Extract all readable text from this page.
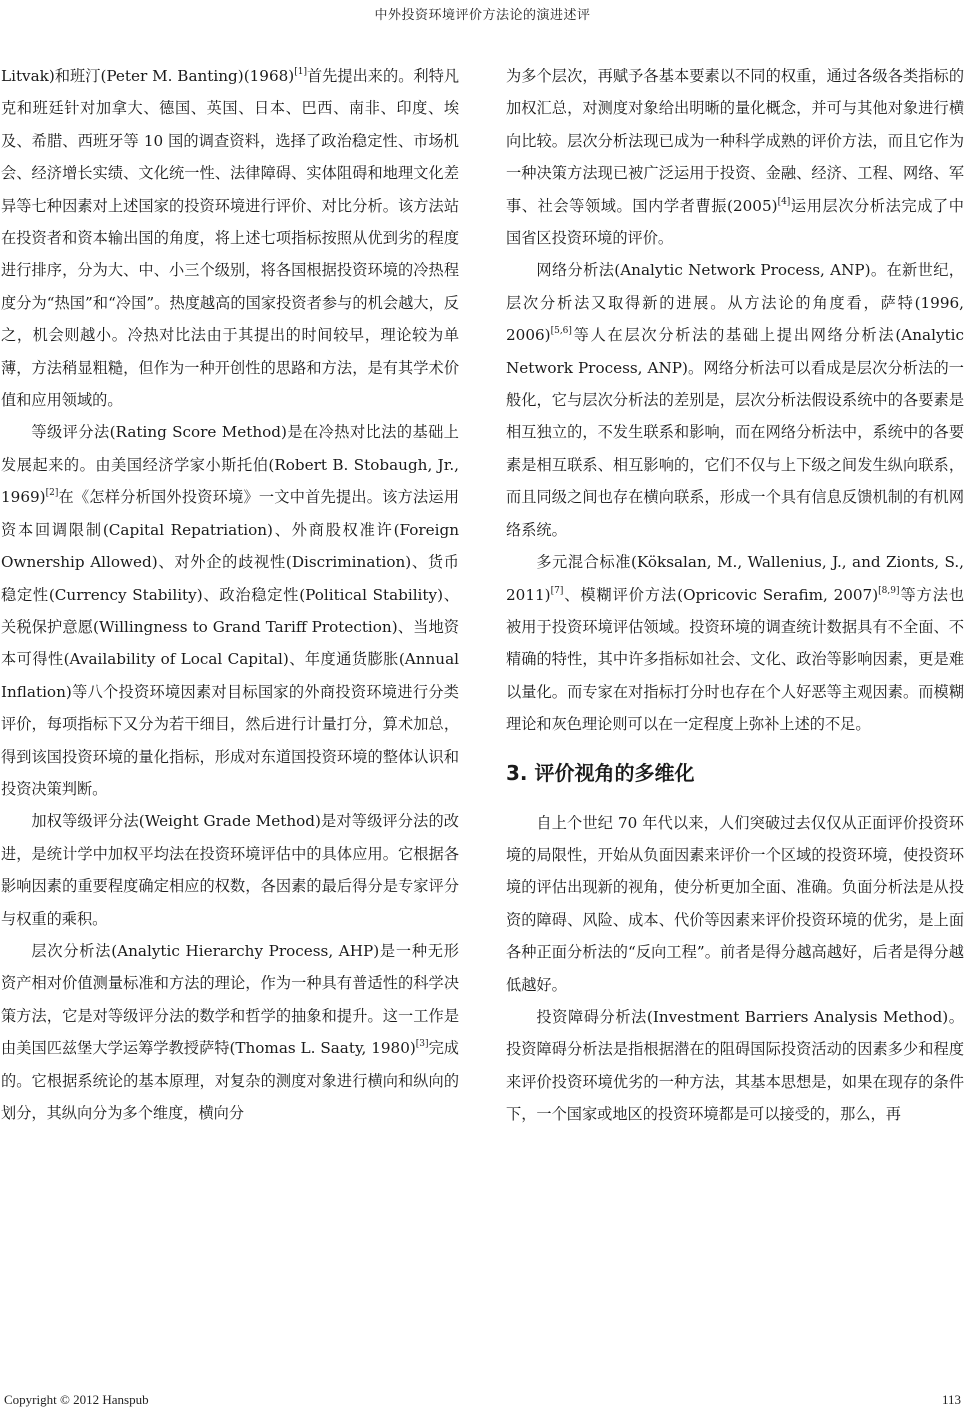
中外投资环境评价方法论的演进述评

Litvak)和班汀(Peter M. Banting)(1968)[1]首先提出来的。利特凡克和班廷针对加拿大、德国、英国、日本、巴西、南非、印度、埃及、希腊、西班牙等 10 国的调查资料，选择了政治稳定性、市场机会、经济增长实绩、文化统一性、法律障碍、实体阻碍和地理文化差异等七种因素对上述国家的投资环境进行评价、对比分析。该方法站在投资者和资本输出国的角度，将上述七项指标按照从优到劣的程度进行排序，分为大、中、小三个级别，将各国根据投资环境的冷热程度分为“热国”和“冷国”。热度越高的国家投资者参与的机会越大，反之，机会则越小。冷热对比法由于其提出的时间较早，理论较为单薄，方法稍显粗糙，但作为一种开创性的思路和方法，是有其学术价值和应用领域的。

等级评分法(Rating Score Method)是在冷热对比法的基础上发展起来的。由美国经济学家小斯托伯(Robert B. Stobaugh, Jr., 1969)[2]在《怎样分析国外投资环境》一文中首先提出。该方法运用资本回调限制(Capital Repatriation)、外商股权准许(Foreign Ownership Allowed)、对外企的歧视性(Discrimination)、货币稳定性(Currency Stability)、政治稳定性(Political Stability)、关税保护意愿(Willingness to Grand Tariff Protection)、当地资本可得性(Availability of Local Capital)、年度通货膨胀(Annual Inflation)等八个投资环境因素对目标国家的外商投资环境进行分类评价，每项指标下又分为若干细目，然后进行计量打分，算术加总，得到该国投资环境的量化指标，形成对东道国投资环境的整体认识和投资决策判断。

加权等级评分法(Weight Grade Method)是对等级评分法的改进，是统计学中加权平均法在投资环境评估中的具体应用。它根据各影响因素的重要程度确定相应的权数，各因素的最后得分是专家评分与权重的乘积。

层次分析法(Analytic Hierarchy Process, AHP)是一种无形资产相对价值测量标准和方法的理论，作为一种具有普适性的科学决策方法，它是对等级评分法的数学和哲学的抽象和提升。这一工作是由美国匹兹堡大学运筹学教授萨特(Thomas L. Saaty, 1980)[3]完成的。它根据系统论的基本原理，对复杂的测度对象进行横向和纵向的划分，其纵向分为多个维度，横向分

为多个层次，再赋予各基本要素以不同的权重，通过各级各类指标的加权汇总，对测度对象给出明晰的量化概念，并可与其他对象进行横向比较。层次分析法现已成为一种科学成熟的评价方法，而且它作为一种决策方法现已被广泛运用于投资、金融、经济、工程、网络、军事、社会等领域。国内学者曹振(2005)[4]运用层次分析法完成了中国省区投资环境的评价。

网络分析法(Analytic Network Process, ANP)。在新世纪，层次分析法又取得新的进展。从方法论的角度看，萨特(1996, 2006)[5,6]等人在层次分析法的基础上提出网络分析法(Analytic Network Process, ANP)。网络分析法可以看成是层次分析法的一般化，它与层次分析法的差别是，层次分析法假设系统中的各要素是相互独立的，不发生联系和影响，而在网络分析法中，系统中的各要素是相互联系、相互影响的，它们不仅与上下级之间发生纵向联系，而且同级之间也存在横向联系，形成一个具有信息反馈机制的有机网络系统。

多元混合标准(Köksalan, M., Wallenius, J., and Zionts, S., 2011)[7]、模糊评价方法(Opricovic Serafim, 2007)[8,9]等方法也被用于投资环境评估领域。投资环境的调查统计数据具有不全面、不精确的特性，其中许多指标如社会、文化、政治等影响因素，更是难以量化。而专家在对指标打分时也存在个人好恶等主观因素。而模糊理论和灰色理论则可以在一定程度上弥补上述的不足。

3. 评价视角的多维化

自上个世纪 70 年代以来，人们突破过去仅仅从正面评价投资环境的局限性，开始从负面因素来评价一个区域的投资环境，使投资环境的评估出现新的视角，使分析更加全面、准确。负面分析法是从投资的障碍、风险、成本、代价等因素来评价投资环境的优劣，是上面各种正面分析法的“反向工程”。前者是得分越高越好，后者是得分越低越好。

投资障碍分析法(Investment Barriers Analysis Method)。投资障碍分析法是指根据潜在的阻碍国际投资活动的因素多少和程度来评价投资环境优劣的一种方法，其基本思想是，如果在现存的条件下，一个国家或地区的投资环境都是可以接受的，那么，再

Copyright © 2012 Hanspub	113
